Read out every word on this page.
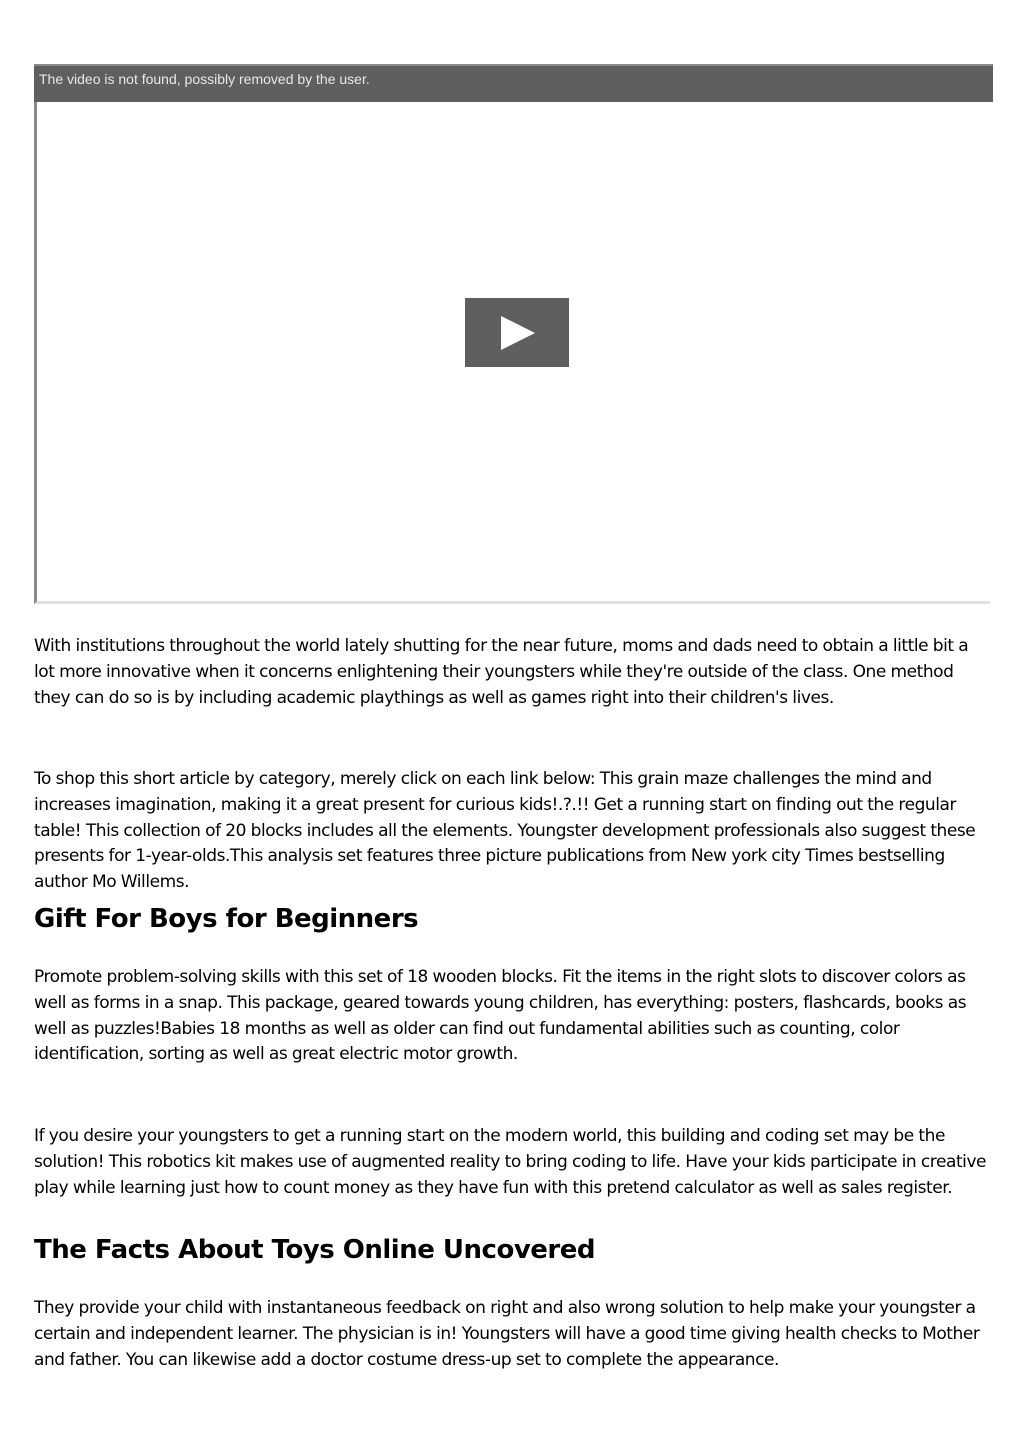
The video is not found, possibly removed by the user.

With institutions throughout the world lately shutting for the near future, moms and dads need to obtain a little bit a lot more innovative when it concerns enlightening their youngsters while they're outside of the class. One method they can do so is by including academic playthings as well as games right into their children's lives.

To shop this short article by category, merely click on each link below: This grain maze challenges the mind and increases imagination, making it a great present for curious kids!.?.!! Get a running start on finding out the regular table! This collection of 20 blocks includes all the elements. Youngster development professionals also suggest these presents for 1-year-olds.This analysis set features three picture publications from New york city Times bestselling author Mo Willems.

Gift For Boys for Beginners

Promote problem-solving skills with this set of 18 wooden blocks. Fit the items in the right slots to discover colors as well as forms in a snap. This package, geared towards young children, has everything: posters, flashcards, books as well as puzzles!Babies 18 months as well as older can find out fundamental abilities such as counting, color identification, sorting as well as great electric motor growth.

If you desire your youngsters to get a running start on the modern world, this building and coding set may be the solution! This robotics kit makes use of augmented reality to bring coding to life. Have your kids participate in creative play while learning just how to count money as they have fun with this pretend calculator as well as sales register.

The Facts About Toys Online Uncovered

They provide your child with instantaneous feedback on right and also wrong solution to help make your youngster a certain and independent learner. The physician is in! Youngsters will have a good time giving health checks to Mother and father. You can likewise add a doctor costume dress-up set to complete the appearance.
